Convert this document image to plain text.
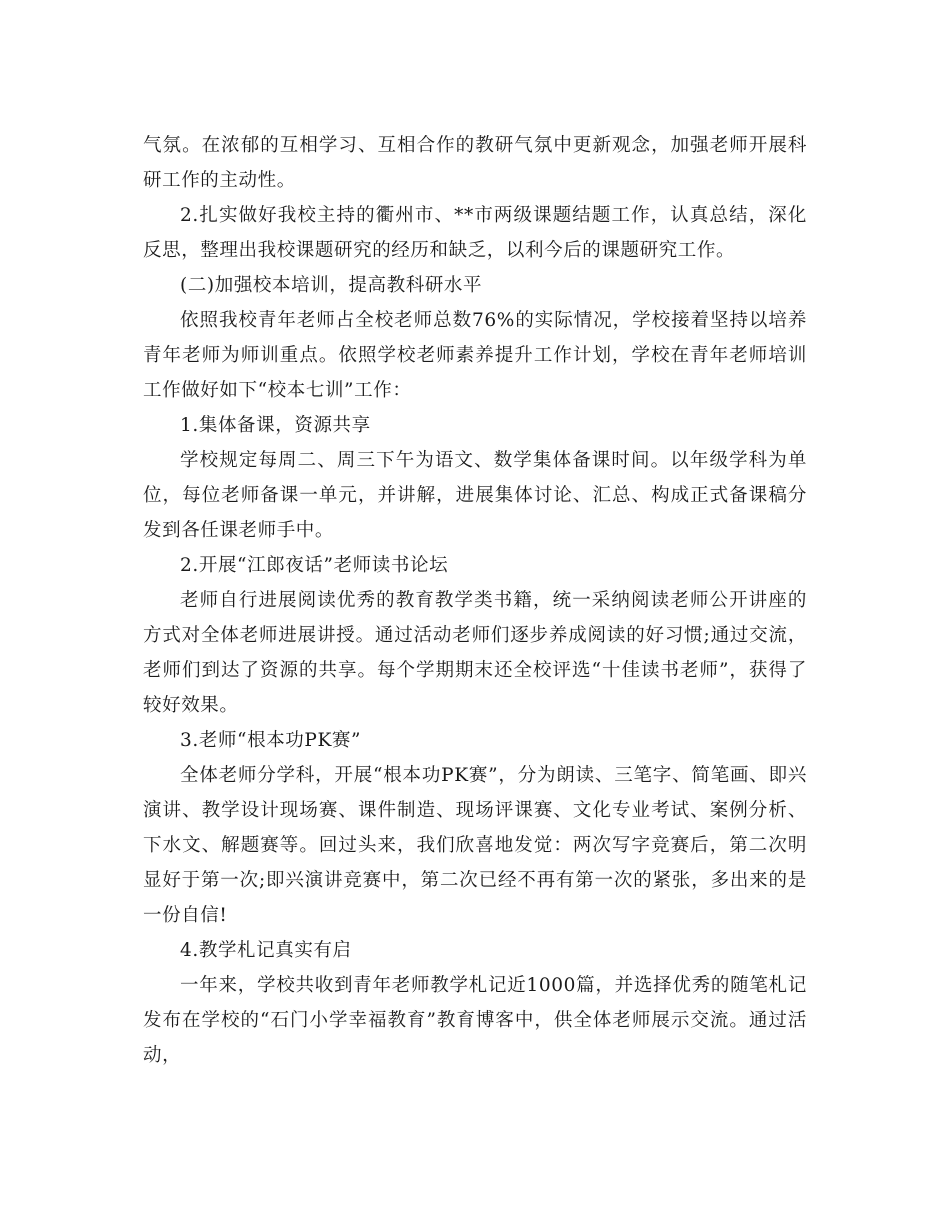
气氛。在浓郁的互相学习、互相合作的教研气氛中更新观念，加强老师开展科研工作的主动性。

2.扎实做好我校主持的衢州市、**市两级课题结题工作，认真总结，深化反思，整理出我校课题研究的经历和缺乏，以利今后的课题研究工作。

(二)加强校本培训，提高教科研水平

依照我校青年老师占全校老师总数76%的实际情况，学校接着坚持以培养青年老师为师训重点。依照学校老师素养提升工作计划，学校在青年老师培训工作做好如下“校本七训”工作：

1.集体备课，资源共享

学校规定每周二、周三下午为语文、数学集体备课时间。以年级学科为单位，每位老师备课一单元，并讲解，进展集体讨论、汇总、构成正式备课稿分发到各任课老师手中。

2.开展“江郎夜话”老师读书论坛

老师自行进展阅读优秀的教育教学类书籍，统一采纳阅读老师公开讲座的方式对全体老师进展讲授。通过活动老师们逐步养成阅读的好习惯;通过交流，老师们到达了资源的共享。每个学期期末还全校评选“十佳读书老师”，获得了较好效果。

3.老师“根本功PK赛”

全体老师分学科，开展“根本功PK赛”，分为朗读、三笔字、简笔画、即兴演讲、教学设计现场赛、课件制造、现场评课赛、文化专业考试、案例分析、下水文、解题赛等。回过头来，我们欣喜地发觉：两次写字竞赛后，第二次明显好于第一次;即兴演讲竞赛中，第二次已经不再有第一次的紧张，多出来的是一份自信!

4.教学札记真实有启

一年来，学校共收到青年老师教学札记近1000篇，并选择优秀的随笔札记发布在学校的“石门小学幸福教育”教育博客中，供全体老师展示交流。通过活动，
